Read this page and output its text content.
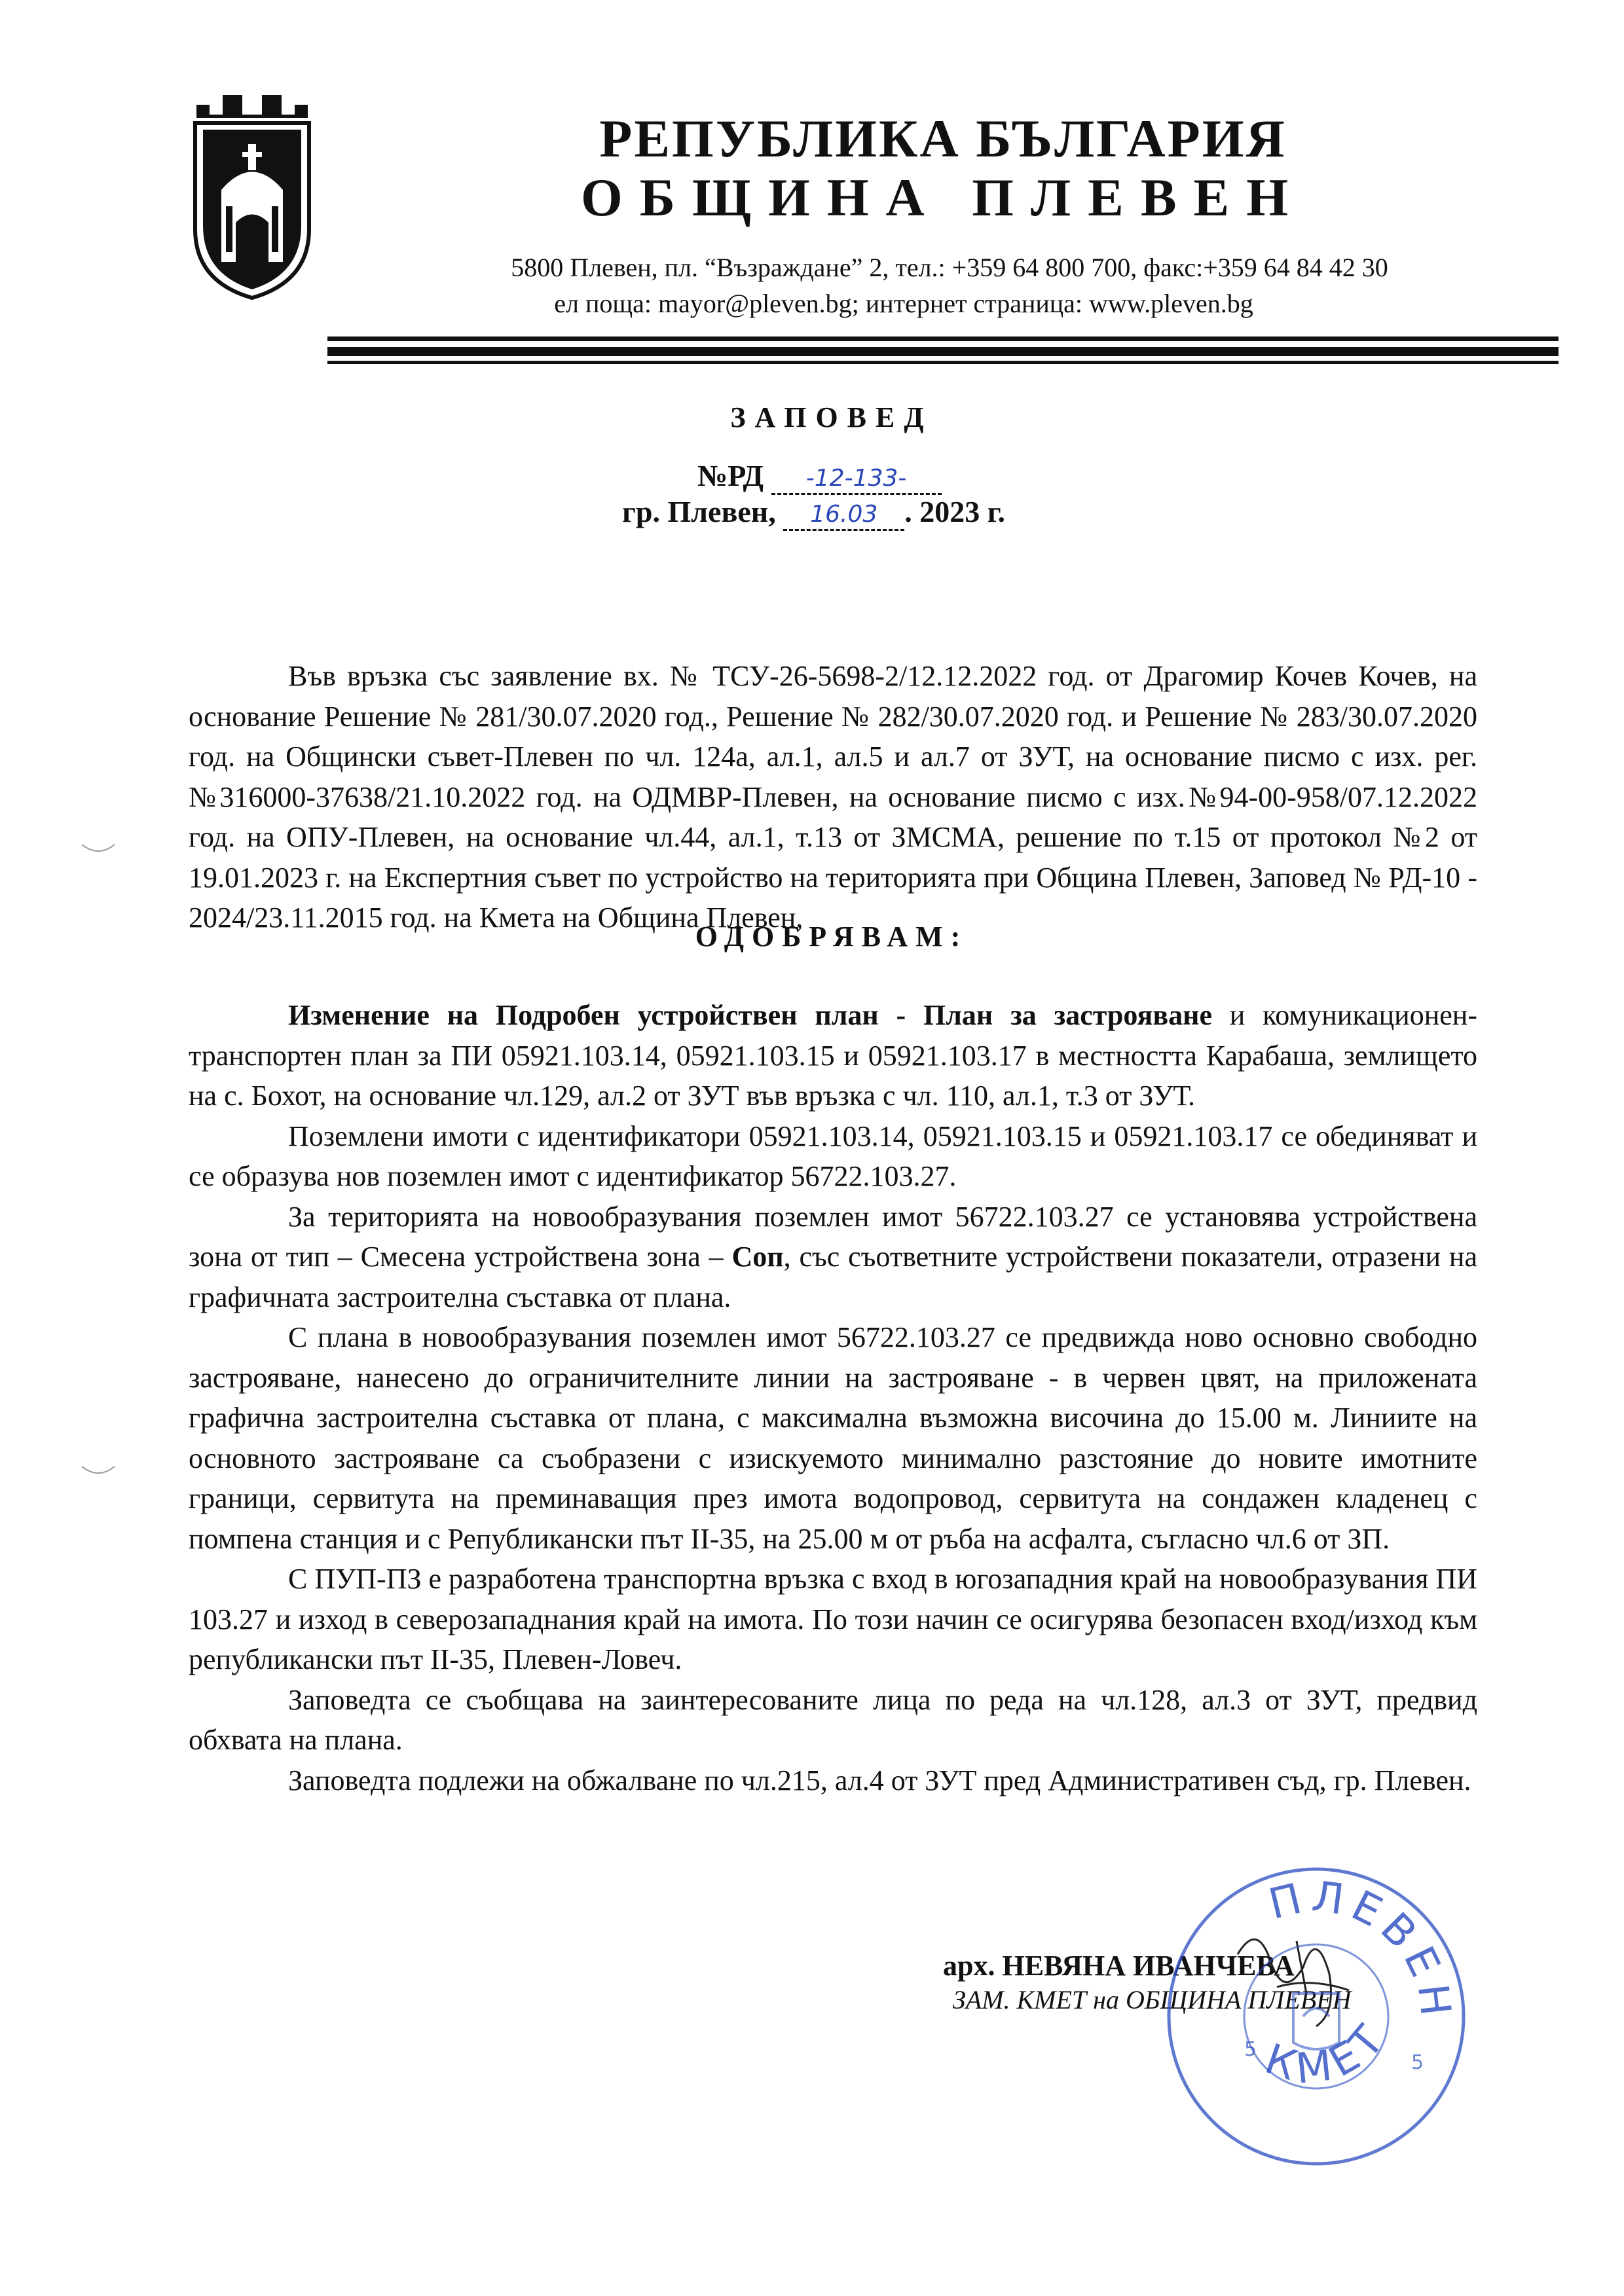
РЕПУБЛИКА БЪЛГАРИЯ
ОБЩИНА ПЛЕВЕН
5800 Плевен, пл. “Възраждане” 2, тел.: +359 64 800 700, факс:+359 64 84 42 30
ел поща: mayor@pleven.bg; интернет страница: www.pleven.bg
ЗАПОВЕД
№РД -12-133-
гр. Плевен, 16.03 . 2023 г.

Във връзка със заявление вх. № ТСУ-26-5698-2/12.12.2022 год. от Драгомир Кочев Кочев, на основание Решение № 281/30.07.2020 год., Решение № 282/30.07.2020 год. и Решение № 283/30.07.2020 год. на Общински съвет-Плевен по чл. 124а, ал.1, ал.5 и ал.7 от ЗУТ, на основание писмо с изх. рег.№316000-37638/21.10.2022 год. на ОДМВР-Плевен, на основание писмо с изх.№94-00-958/07.12.2022 год. на ОПУ-Плевен, на основание чл.44, ал.1, т.13 от ЗМСМА, решение по т.15 от протокол №2 от 19.01.2023 г. на Експертния съвет по устройство на територията при Община Плевен, Заповед № РД-10 - 2024/23.11.2015 год. на Кмета на Община Плевен,

ОДОБРЯВАМ:

Изменение на Подробен устройствен план - План за застрояване и комуникационен-транспортен план за ПИ 05921.103.14, 05921.103.15 и 05921.103.17 в местността Карабаша, землището на с. Бохот, на основание чл.129, ал.2 от ЗУТ във връзка с чл. 110, ал.1, т.3 от ЗУТ.

Поземлени имоти с идентификатори 05921.103.14, 05921.103.15 и 05921.103.17 се обединяват и се образува нов поземлен имот с идентификатор 56722.103.27.

За територията на новообразувания поземлен имот 56722.103.27 се установява устройствена зона от тип – Смесена устройствена зона – Соп, със съответните устройствени показатели, отразени на графичната застроителна съставка от плана.

С плана в новообразувания поземлен имот 56722.103.27 се предвижда ново основно свободно застрояване, нанесено до ограничителните линии на застрояване - в червен цвят, на приложената графична застроителна съставка от плана, с максимална възможна височина до 15.00 м. Линиите на основното застрояване са съобразени с изискуемото минимално разстояние до новите имотните граници, сервитута на преминаващия през имота водопровод, сервитута на сондажен кладенец с помпена станция и с Републикански път II-35, на 25.00 м от ръба на асфалта, съгласно чл.6 от ЗП.

С ПУП-ПЗ е разработена транспортна връзка с вход в югозападния край на новообразувания ПИ 103.27 и изход в северозападнания край на имота. По този начин се осигурява безопасен вход/изход към републикански път II-35, Плевен-Ловеч.

Заповедта се съобщава на заинтересованите лица по реда на чл.128, ал.3 от ЗУТ, предвид обхвата на плана.

Заповедта подлежи на обжалване по чл.215, ал.4 от ЗУТ пред Административен съд, гр. Плевен.

арх. НЕВЯНА ИВАНЧЕВА
ЗАМ. КМЕТ на ОБЩИНА ПЛЕВЕН
ПЛЕВЕН
КМЕТ
5
5
